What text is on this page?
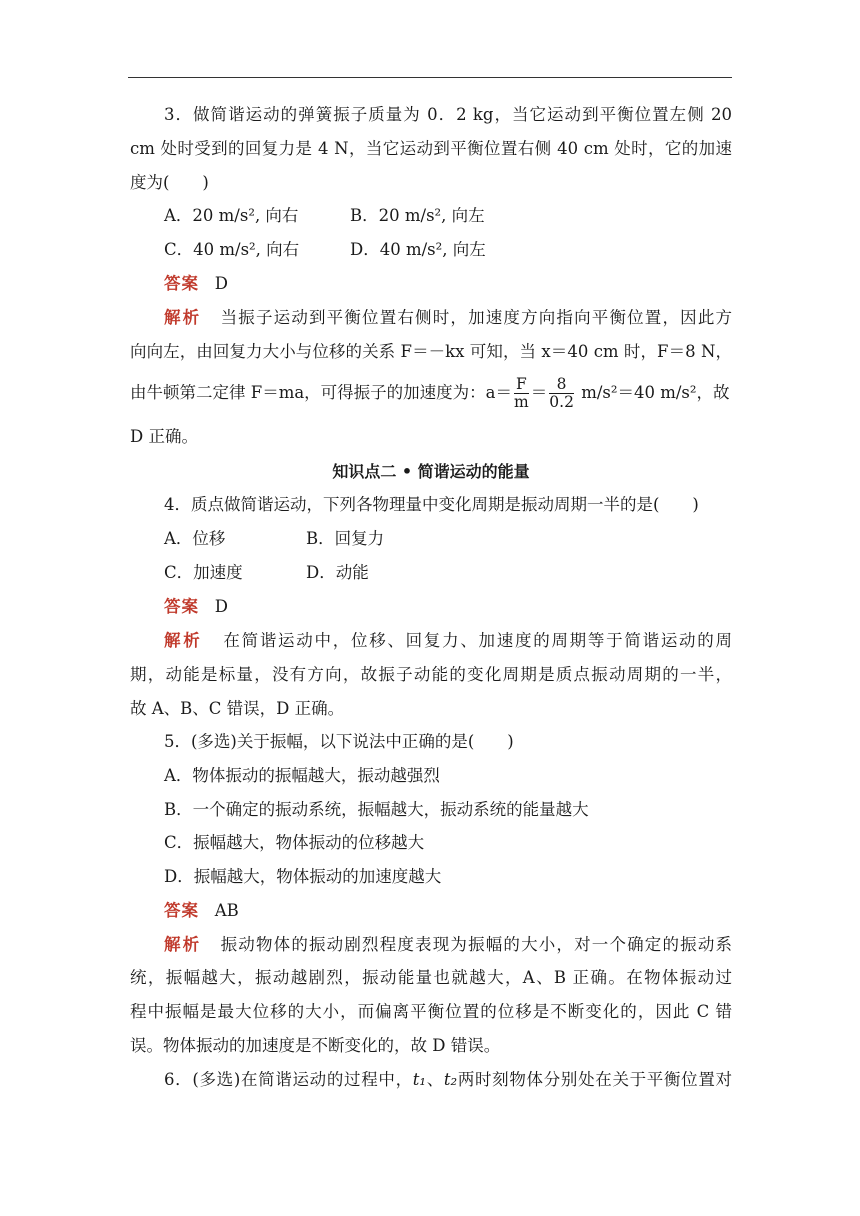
3．做简谐运动的弹簧振子质量为 0．2 kg，当它运动到平衡位置左侧 20
cm 处时受到的回复力是 4 N，当它运动到平衡位置右侧 40 cm 处时，它的加速
度为(　　)
A．20 m/s², 向右	B．20 m/s², 向左
C．40 m/s², 向右	D．40 m/s², 向左
答案 D
解析 当振子运动到平衡位置右侧时，加速度方向指向平衡位置，因此方
向向左，由回复力大小与位移的关系 F＝－kx 可知，当 x＝40 cm 时，F＝8 N，
由牛顿第二定律 F＝ma，可得振子的加速度为：$a= \frac{F}{m} = \frac{8}{0.2} m/s^2=40$ m/s²，故
D 正确。
知识点二 • 简谐运动的能量
4．质点做简谐运动，下列各物理量中变化周期是振动周期一半的是(　　)
A．位移	B．回复力
C．加速度	D．动能
答案 D
解析 在简谐运动中，位移、回复力、加速度的周期等于简谐运动的周
期，动能是标量，没有方向，故振子动能的变化周期是质点振动周期的一半，
故 A、B、C 错误，D 正确。
5．(多选)关于振幅，以下说法中正确的是(　　)
A．物体振动的振幅越大，振动越强烈
B．一个确定的振动系统，振幅越大，振动系统的能量越大
C．振幅越大，物体振动的位移越大
D．振幅越大，物体振动的加速度越大
答案 AB
解析 振动物体的振动剧烈程度表现为振幅的大小，对一个确定的振动系
统，振幅越大，振动越剧烈，振动能量也就越大，A、B 正确。在物体振动过
程中振幅是最大位移的大小，而偏离平衡位置的位移是不断变化的，因此 C 错
误。物体振动的加速度是不断变化的，故 D 错误。
6．(多选)在简谐运动的过程中，t₁、t₂两时刻物体分别处在关于平衡位置对
